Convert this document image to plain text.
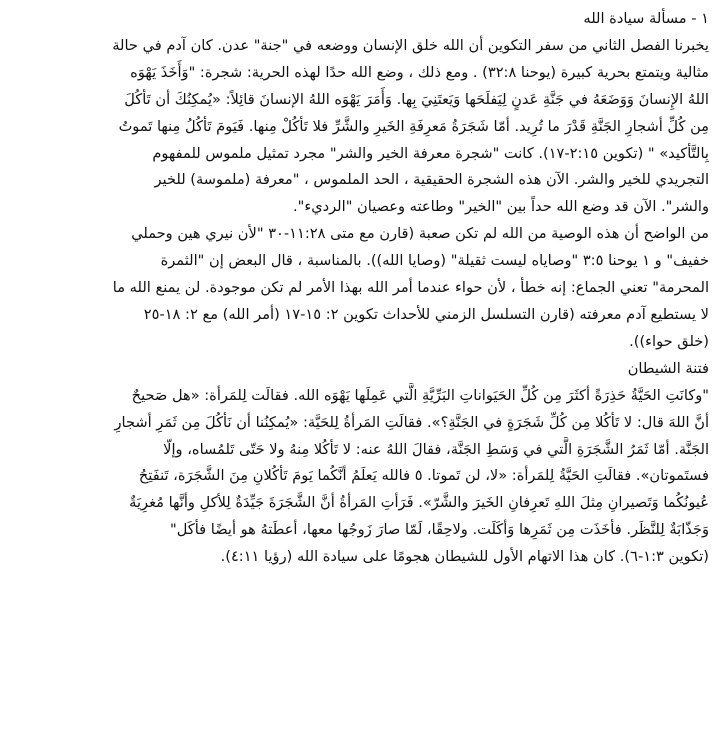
١ - مسألة سيادة الله
يخبرنا الفصل الثاني من سفر التكوين أن الله خلق الإنسان ووضعه في "جنة" عدن. كان آدم في حالة
مثالية ويتمتع بحرية كبيرة (يوحنا ٣٢:٨) . ومع ذلك ، وضع الله حدًا لهذه الحرية: شجرة: "وَأَخَذَ يَهْوَه
اللهُ الإِنسانَ وَوَضَعَهُ في جَنَّةِ عَدنٍ لِيَفلَحَها وَيَعتَنِيَ بِها. وَأَمَرَ يَهْوَه اللهُ الإنسانَ قائِلاً: «يُمكِنُكَ أن تَأكُلَ
مِن كُلِّ أشجارِ الجَنَّةِ قَدْرَ ما تُرِيد. أمّا شَجَرَةُ مَعرِفَةِ الخَيرِ والشَّرِّ فلا تَأكُلْ مِنها. فَيَومَ تَأكُلُ مِنها تَموتُ
بِالتَّأكيد» " (تكوين ٢:١٥-١٧). كانت "شجرة معرفة الخير والشر" مجرد تمثيل ملموس للمفهوم
التجريدي للخير والشر. الآن هذه الشجرة الحقيقية ، الحد الملموس ، "معرفة (ملموسة) للخير
والشر". الآن قد وضع الله حداً بين "الخير" وطاعته وعصيان "الرديء".
من الواضح أن هذه الوصية من الله لم تكن صعبة (قارن مع متى ١١:٢٨-٣٠ "لأن نيري هين وحملي
خفيف" و ١ يوحنا ٣:٥ "وصاياه ليست ثقيلة" (وصايا الله)). بالمناسبة ، قال البعض إن "الثمرة
المحرمة" تعني الجماع: إنه خطأ ، لأن حواء عندما أمر الله بهذا الأمر لم تكن موجودة. لن يمنع الله ما
لا يستطيع آدم معرفته (قارن التسلسل الزمني للأحداث تكوين ٢: ١٥-١٧ (أمر الله) مع ٢: ١٨-٢٥
(خلق حواء)).
فتنة الشيطان
"وكانَتِ الحَيَّةُ حَذِرَةً أكثَرَ مِن كُلِّ الحَيَواناتِ البَرِّيَّةِ الَّتي عَمِلَها يَهْوَه الله. فقالَت لِلمَرأة: «هل صَحيحٌ
أنَّ اللهَ قال: لا تَأكُلا مِن كُلِّ شَجَرَةٍ في الجَنَّةِ؟». فقالَتِ المَرأةُ لِلحَيَّة: «يُمكِنُنا أن نَأكُلَ مِن ثَمَرِ أشجارِ
الجَنَّة. أمّا ثَمَرُ الشَّجَرَةِ الَّتي في وَسَطِ الجَنَّة، فقالَ اللهُ عنه: لا تَأكُلا مِنهُ ولا حَتّى تَلمُساه، وإلّا
فستَموتان». فقالَتِ الحَيَّةُ لِلمَرأة: «لا، لن تَموتا. ٥ فالله يَعلَمُ أنَّكُما يَومَ تَأكُلانِ مِنَ الشَّجَرَة، تَنفَتِحُ
عُيونُكُما وَتَصيرانِ مِثلَ اللهِ تَعرِفانِ الخَيرَ والشَّرّ». فَرَأتِ المَرأةُ أنَّ الشَّجَرَةَ جَيِّدَةٌ لِلأكلِ وأنَّها مُغرِيَةٌ
وَجَذّابَةٌ لِلنَّظَر. فأخَذَت مِن ثَمَرِها وَأكَلَت. ولاحِقًا، لَمّا صارَ زَوجُها معها، أعطَتهُ هو أيضًا فأكَل"
(تكوين ١:٣-٦). كان هذا الاتهام الأول للشيطان هجومًا على سيادة الله (رؤيا ٤:١١).
